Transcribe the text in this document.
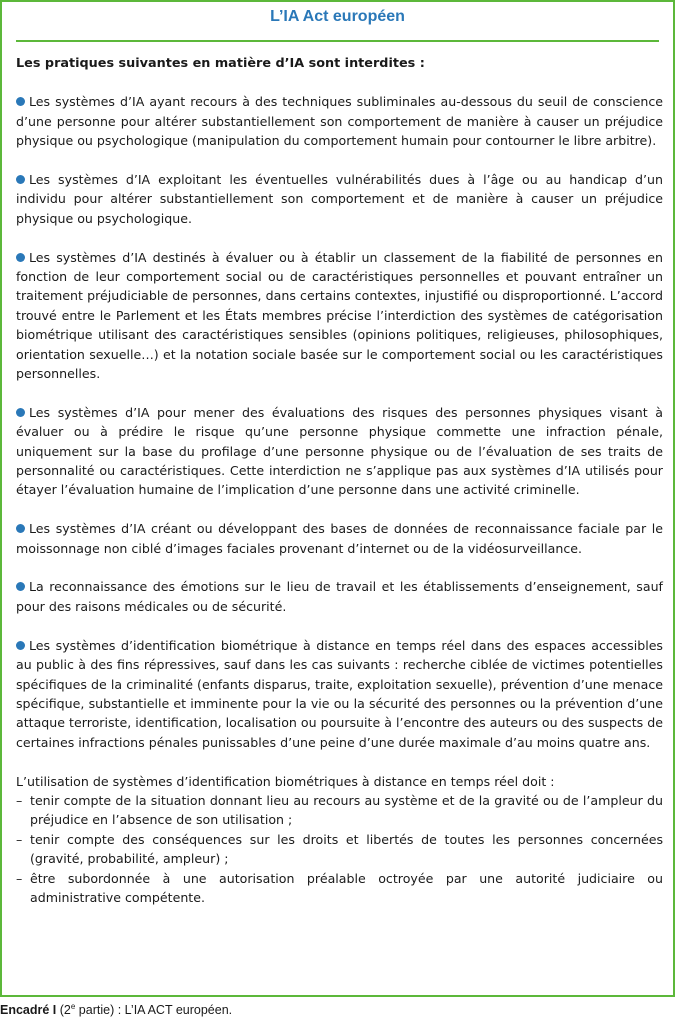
L’IA Act européen

Les pratiques suivantes en matière d’IA sont interdites :

Les systèmes d’IA ayant recours à des techniques subliminales au-dessous du seuil de conscience d’une personne pour altérer substantiellement son comportement de manière à causer un préjudice physique ou psychologique (manipulation du comportement humain pour contourner le libre arbitre).

Les systèmes d’IA exploitant les éventuelles vulnérabilités dues à l’âge ou au handicap d’un individu pour altérer substantiellement son comportement et de manière à causer un préjudice physique ou psychologique.

Les systèmes d’IA destinés à évaluer ou à établir un classement de la fiabilité de personnes en fonction de leur comportement social ou de caractéristiques personnelles et pouvant entraîner un traitement préjudiciable de personnes, dans certains contextes, injustifié ou disproportionné. L’accord trouvé entre le Parlement et les États membres précise l’interdiction des systèmes de catégorisation biométrique utilisant des caractéristiques sensibles (opinions politiques, religieuses, philosophiques, orientation sexuelle…) et la notation sociale basée sur le comportement social ou les caractéristiques personnelles.

Les systèmes d’IA pour mener des évaluations des risques des personnes physiques visant à évaluer ou à prédire le risque qu’une personne physique commette une infraction pénale, uniquement sur la base du profilage d’une personne physique ou de l’évaluation de ses traits de personnalité ou caractéristiques. Cette interdiction ne s’applique pas aux systèmes d’IA utilisés pour étayer l’évaluation humaine de l’implication d’une personne dans une activité criminelle.

Les systèmes d’IA créant ou développant des bases de données de reconnaissance faciale par le moissonnage non ciblé d’images faciales provenant d’internet ou de la vidéosurveillance.

La reconnaissance des émotions sur le lieu de travail et les établissements d’enseignement, sauf pour des raisons médicales ou de sécurité.

Les systèmes d’identification biométrique à distance en temps réel dans des espaces accessibles au public à des fins répressives, sauf dans les cas suivants : recherche ciblée de victimes potentielles spécifiques de la criminalité (enfants disparus, traite, exploitation sexuelle), prévention d’une menace spécifique, substantielle et imminente pour la vie ou la sécurité des personnes ou la prévention d’une attaque terroriste, identification, localisation ou poursuite à l’encontre des auteurs ou des suspects de certaines infractions pénales punissables d’une peine d’une durée maximale d’au moins quatre ans.

L’utilisation de systèmes d’identification biométriques à distance en temps réel doit :

– tenir compte de la situation donnant lieu au recours au système et de la gravité ou de l’ampleur du préjudice en l’absence de son utilisation ;
– tenir compte des conséquences sur les droits et libertés de toutes les personnes concernées (gravité, probabilité, ampleur) ;
– être subordonnée à une autorisation préalable octroyée par une autorité judiciaire ou administrative compétente.
Encadré I (2e partie) : L’IA ACT européen.
